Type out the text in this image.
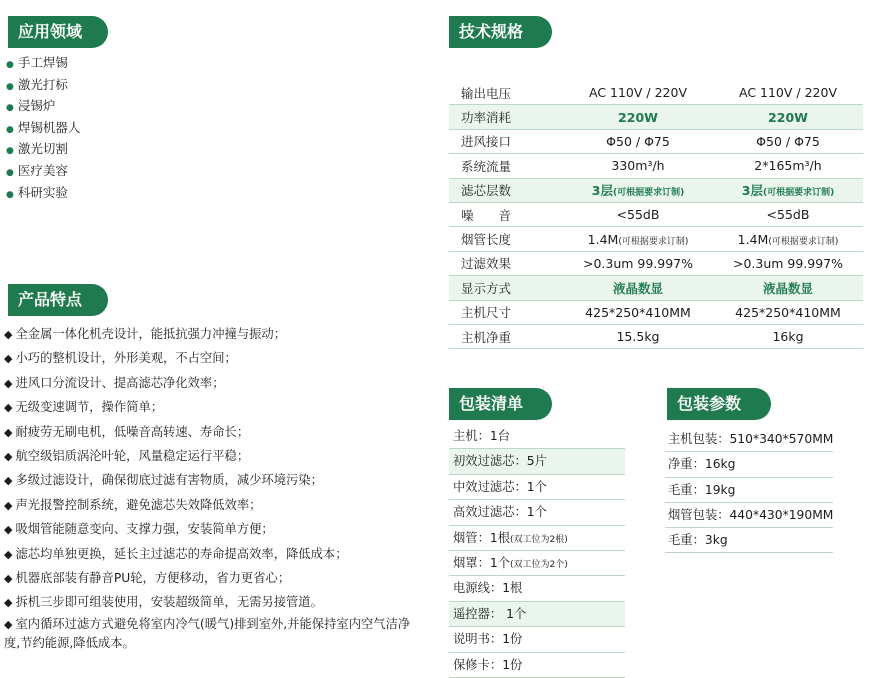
应用领域
产品特点
技术规格
包装清单	包装参数
● 手工焊锡
● 激光打标
● 浸锡炉
● 焊锡机器人
● 激光切割
● 医疗美容
● 科研实验
◆ 全金属一体化机壳设计，能抵抗强力冲撞与振动；
◆ 小巧的整机设计，外形美观，不占空间；
◆ 进风口分流设计、提高滤芯净化效率；
◆ 无级变速调节，操作简单；
◆ 耐疲劳无刷电机，低噪音高转速、寿命长；
◆ 航空级铝质涡沦叶轮，风量稳定运行平稳；
◆ 多级过滤设计，确保彻底过滤有害物质，减少环境污染；
◆ 声光报警控制系统，避免滤芯失效降低效率；
◆ 吸烟管能随意变向、支撑力强，安装简单方便；
◆ 滤芯均单独更换，延长主过滤芯的寿命提高效率，降低成本；
◆ 机器底部装有静音PU轮，方便移动，省力更省心；
◆ 拆机三步即可组装使用，安装超级简单，无需另接管道。
◆ 室内循环过滤方式避免将室内冷气(暖气)排到室外,并能保持室内空气洁净度,节约能源,降低成本。
输出电压	AC 110V / 220V	AC 110V / 220V
功率消耗	220W	220W
进风接口	Φ50 / Φ75	Φ50 / Φ75
系统流量	330m³/h	2*165m³/h
滤芯层数	3层(可根据要求订制)	3层(可根据要求订制)
噪　　音	<55dB	<55dB
烟管长度	1.4M(可根据要求订制)	1.4M(可根据要求订制)
过滤效果	>0.3um 99.997%	>0.3um 99.997%
显示方式	液晶数显	液晶数显
主机尺寸	425*250*410MM	425*250*410MM
主机净重	15.5kg	16kg
主机：1台
初效过滤芯：5片
中效过滤芯：1个
高效过滤芯：1个
烟管：1根(双工位为2根)
烟罩：1个(双工位为2个)
电源线：1根
遥控器： 1个
说明书：1份
保修卡：1份
主机包装：510*340*570MM
净重：16kg
毛重：19kg
烟管包装：440*430*190MM
毛重：3kg
